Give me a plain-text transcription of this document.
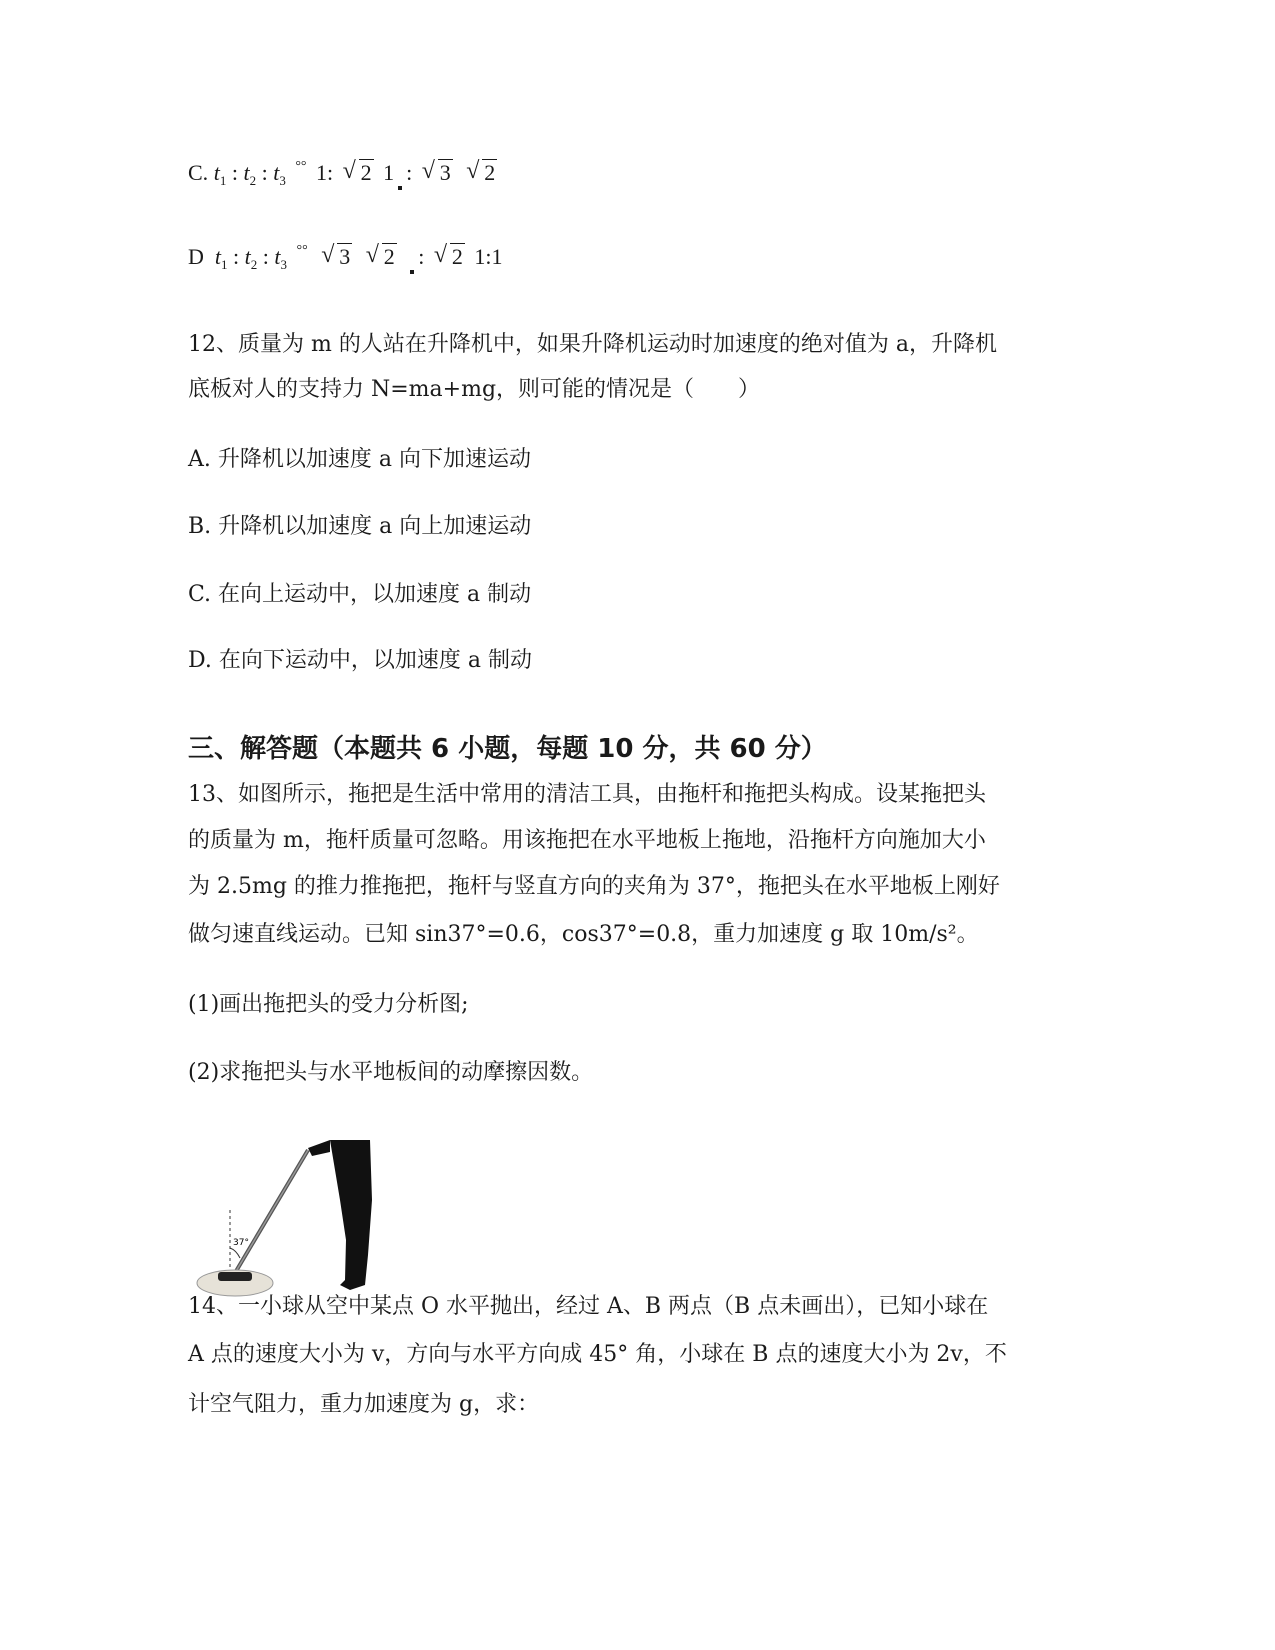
C. $t_1$ : $t_2$ : $t_3$ °° 1: √ 2 1 : √ 3 √ 2
D $t_1$ : $t_2$ : $t_3$ °° √ 3 √ 2 : √ 2 1:1
12、质量为 m 的人站在升降机中，如果升降机运动时加速度的绝对值为 a，升降机
底板对人的支持力 N=ma+mg，则可能的情况是（　　）
A. 升降机以加速度 a 向下加速运动
B. 升降机以加速度 a 向上加速运动
C. 在向上运动中，以加速度 a 制动
D. 在向下运动中，以加速度 a 制动
三、解答题（本题共 6 小题，每题 10 分，共 60 分）
13、如图所示，拖把是生活中常用的清洁工具，由拖杆和拖把头构成。设某拖把头
的质量为 m，拖杆质量可忽略。用该拖把在水平地板上拖地，沿拖杆方向施加大小
为 2.5mg 的推力推拖把，拖杆与竖直方向的夹角为 37°，拖把头在水平地板上刚好
做匀速直线运动。已知 sin37°=0.6，cos37°=0.8，重力加速度 g 取 10m/s²。
(1)画出拖把头的受力分析图;
(2)求拖把头与水平地板间的动摩擦因数。
37°
14、一小球从空中某点 O 水平抛出，经过 A、B 两点（B 点未画出），已知小球在
A 点的速度大小为 v，方向与水平方向成 45° 角，小球在 B 点的速度大小为 2v，不
计空气阻力，重力加速度为 g，求：
